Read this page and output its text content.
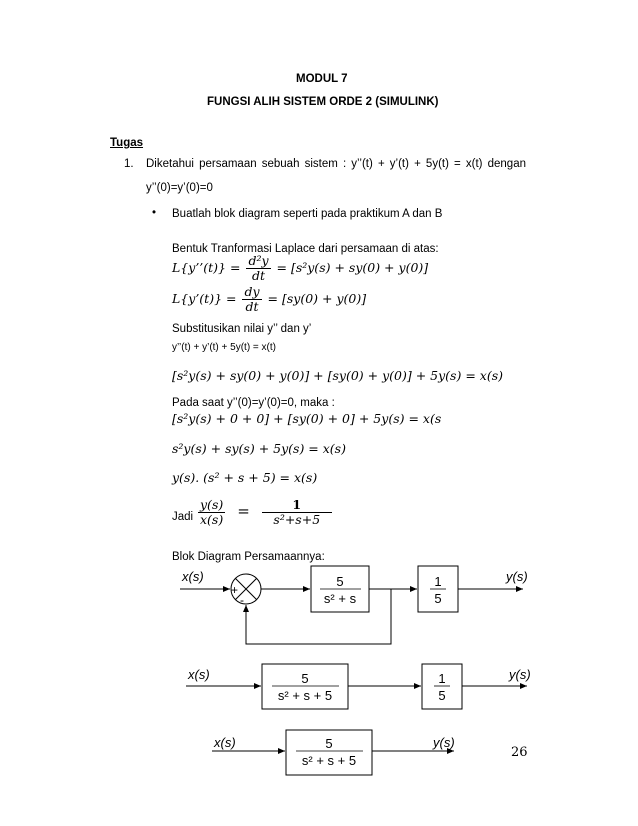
MODUL 7
FUNGSI ALIH SISTEM ORDE 2 (SIMULINK)
Tugas
1. Diketahui persamaan sebuah sistem : y’’(t) + y’(t) + 5y(t) = x(t) dengan
y’’(0)=y’(0)=0
• Buatlah blok diagram seperti pada praktikum A dan B
Bentuk Tranformasi Laplace dari persamaan di atas:
L{y’’(t)} = $\frac{\text{d²y}}{dt} = [s^2y(s) + sy(0) + y(0)]$
L{y’(t)} = $\frac{dy}{dt} = [sy(0) + y(0)]$
Substitusikan nilai y’’ dan y’
y’’(t) + y’(t) + 5y(t) = x(t)
[s²y(s) + sy(0) + y(0)] + [sy(0) + y(0)] + 5y(s) = x(s)
Pada saat y’’(0)=y’(0)=0, maka :
[s²y(s) + 0 + 0] + [sy(0) + 0] + 5y(s) = x(s
s²y(s) + sy(s) + 5y(s) = x(s)
y(s). (s² + s + 5) = x(s)
Jadi $\frac{y(s)}{x(s)} = \frac{1}{\text{s²+s+5}}$
Blok Diagram Persamaannya:
x(s)	y(s)
+
-
5
s² + s
1
5
x(s)	y(s)
5
s² + s + 5
1
5
x(s)	y(s)
5
s² + s + 5
26
